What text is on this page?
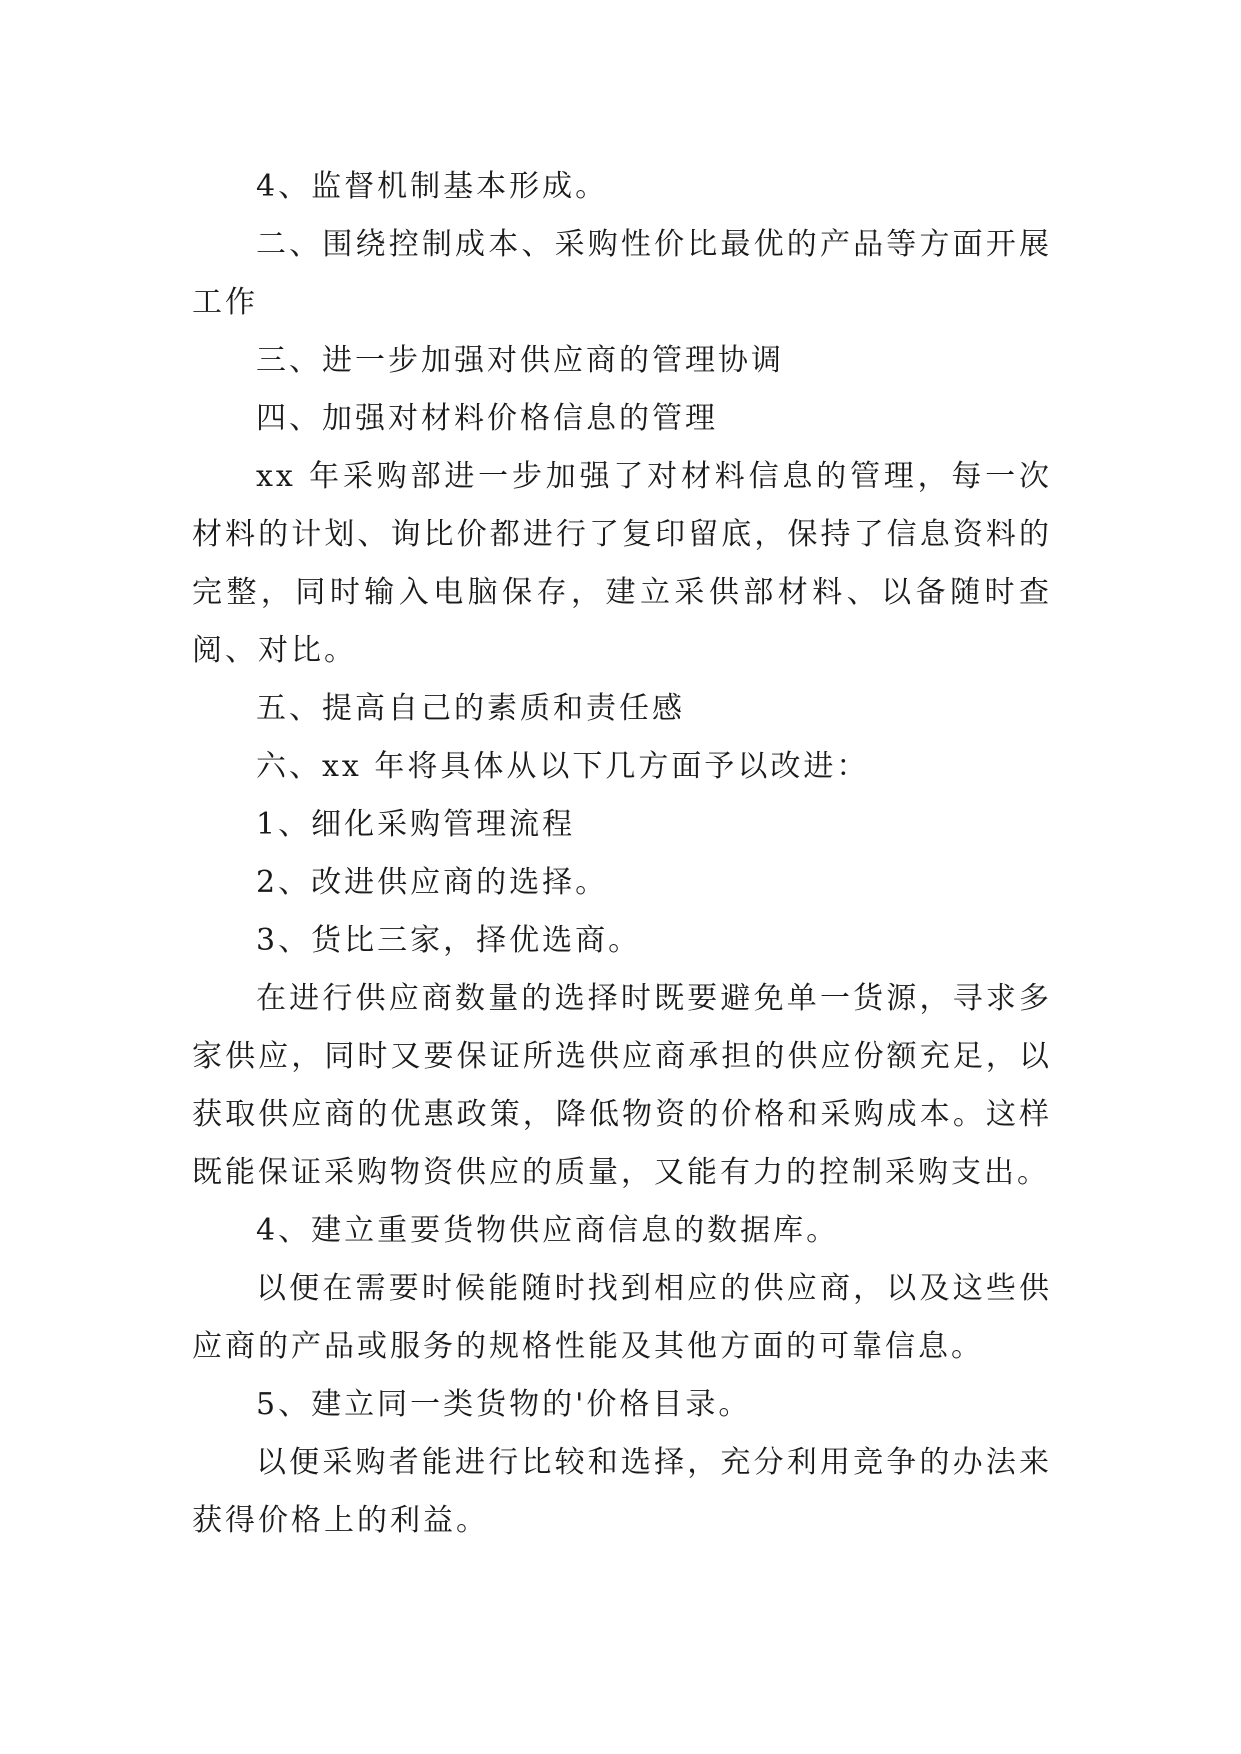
4、监督机制基本形成。

二、围绕控制成本、采购性价比最优的产品等方面开展工作

三、进一步加强对供应商的管理协调

四、加强对材料价格信息的管理

xx 年采购部进一步加强了对材料信息的管理，每一次材料的计划、询比价都进行了复印留底，保持了信息资料的完整，同时输入电脑保存，建立采供部材料、以备随时查阅、对比。

五、提高自己的素质和责任感

六、xx 年将具体从以下几方面予以改进：

1、细化采购管理流程

2、改进供应商的选择。

3、货比三家，择优选商。

在进行供应商数量的选择时既要避免单一货源，寻求多家供应，同时又要保证所选供应商承担的供应份额充足，以获取供应商的优惠政策，降低物资的价格和采购成本。这样既能保证采购物资供应的质量，又能有力的控制采购支出。

4、建立重要货物供应商信息的数据库。

以便在需要时候能随时找到相应的供应商，以及这些供应商的产品或服务的规格性能及其他方面的可靠信息。

5、建立同一类货物的'价格目录。

以便采购者能进行比较和选择，充分利用竞争的办法来获得价格上的利益。
